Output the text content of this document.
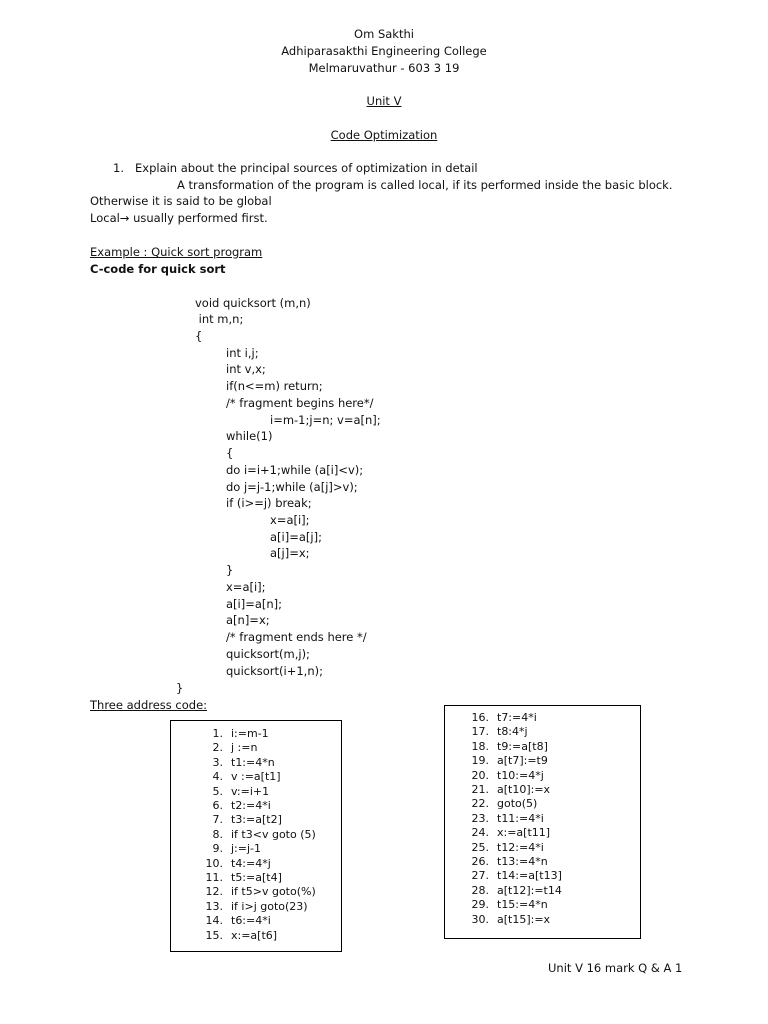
Om Sakthi
Adhiparasakthi Engineering College
Melmaruvathur - 603 3 19
Unit V
Code Optimization
1. Explain about the principal sources of optimization in detail
A transformation of the program is called local, if its performed inside the basic block.
Otherwise it is said to be global
Local→ usually performed first.
Example : Quick sort program
C-code for quick sort
void quicksort (m,n)
int m,n;
{
int i,j;
int v,x;
if(n<=m) return;
/* fragment begins here*/
i=m-1;j=n; v=a[n];
while(1)
{
do i=i+1;while (a[i]<v);
do j=j-1;while (a[j]>v);
if (i>=j) break;
x=a[i];
a[i]=a[j];
a[j]=x;
}
x=a[i];
a[i]=a[n];
a[n]=x;
/* fragment ends here */
quicksort(m,j);
quicksort(i+1,n);
}
Three address code:
1. i:=m-1
2. j :=n
3. t1:=4*n
4. v :=a[t1]
5. v:=i+1
6. t2:=4*i
7. t3:=a[t2]
8. if t3<v goto (5)
9. j:=j-1
10. t4:=4*j
11. t5:=a[t4]
12. if t5>v goto(%)
13. if i>j goto(23)
14. t6:=4*i
15. x:=a[t6]
16. t7:=4*i
17. t8:4*j
18. t9:=a[t8]
19. a[t7]:=t9
20. t10:=4*j
21. a[t10]:=x
22. goto(5)
23. t11:=4*i
24. x:=a[t11]
25. t12:=4*i
26. t13:=4*n
27. t14:=a[t13]
28. a[t12]:=t14
29. t15:=4*n
30. a[t15]:=x
Unit V 16 mark Q & A 1
